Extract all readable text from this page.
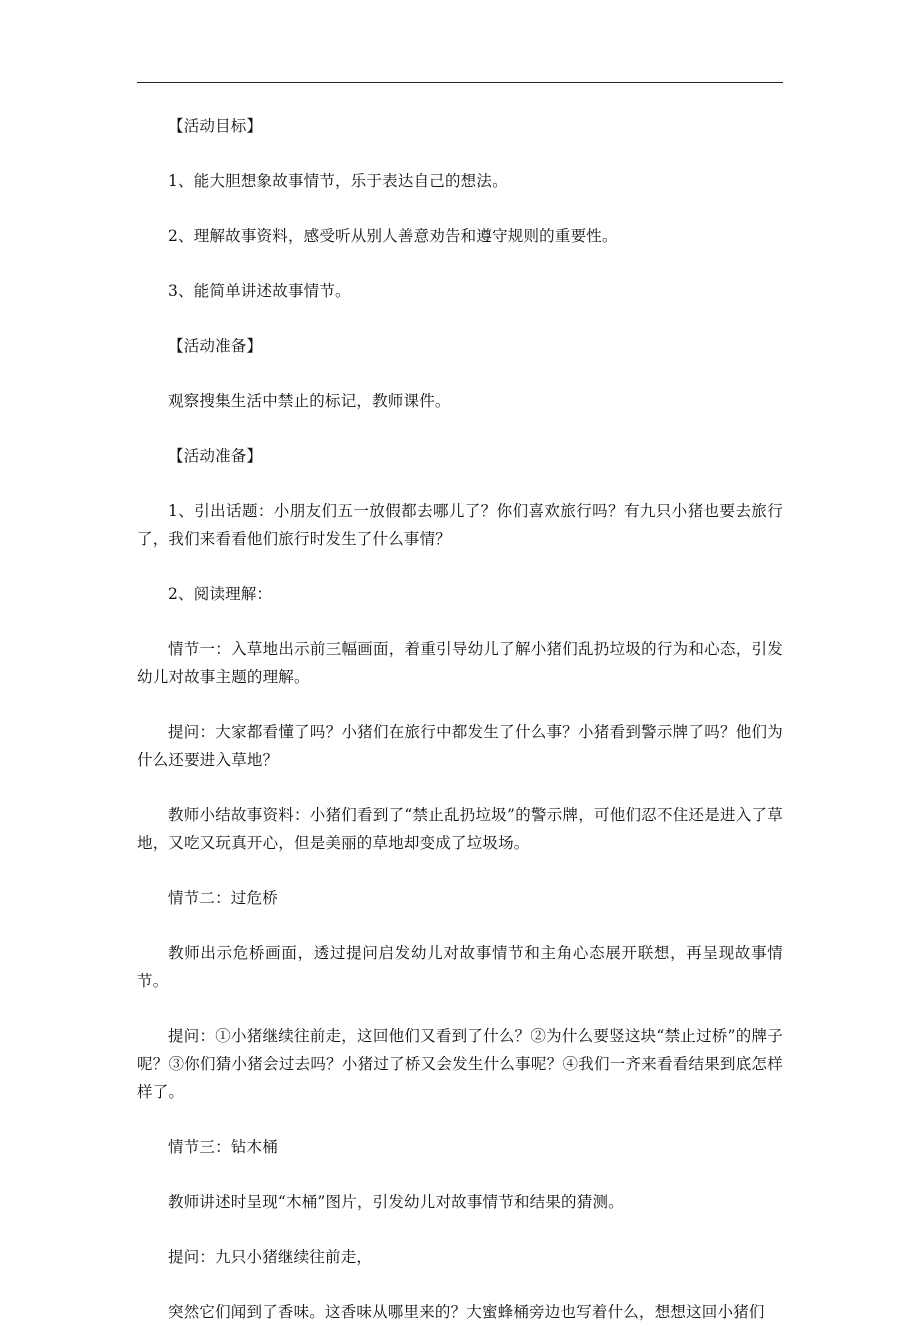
【活动目标】

1、能大胆想象故事情节，乐于表达自己的想法。

2、理解故事资料，感受听从别人善意劝告和遵守规则的重要性。

3、能简单讲述故事情节。

【活动准备】

观察搜集生活中禁止的标记，教师课件。

【活动准备】

1、引出话题：小朋友们五一放假都去哪儿了？你们喜欢旅行吗？有九只小猪也要去旅行了，我们来看看他们旅行时发生了什么事情？

2、阅读理解：

情节一：入草地出示前三幅画面，着重引导幼儿了解小猪们乱扔垃圾的行为和心态，引发幼儿对故事主题的理解。

提问：大家都看懂了吗？小猪们在旅行中都发生了什么事？小猪看到警示牌了吗？他们为什么还要进入草地？

教师小结故事资料：小猪们看到了“禁止乱扔垃圾”的警示牌，可他们忍不住还是进入了草地，又吃又玩真开心，但是美丽的草地却变成了垃圾场。

情节二：过危桥

教师出示危桥画面，透过提问启发幼儿对故事情节和主角心态展开联想，再呈现故事情节。

提问：①小猪继续往前走，这回他们又看到了什么？②为什么要竖这块“禁止过桥”的牌子呢？③你们猜小猪会过去吗？小猪过了桥又会发生什么事呢？④我们一齐来看看结果到底怎样样了。

情节三：钻木桶

教师讲述时呈现“木桶”图片，引发幼儿对故事情节和结果的猜测。

提问：九只小猪继续往前走，

突然它们闻到了香味。这香味从哪里来的？大蜜蜂桶旁边也写着什么，想想这回小猪们
